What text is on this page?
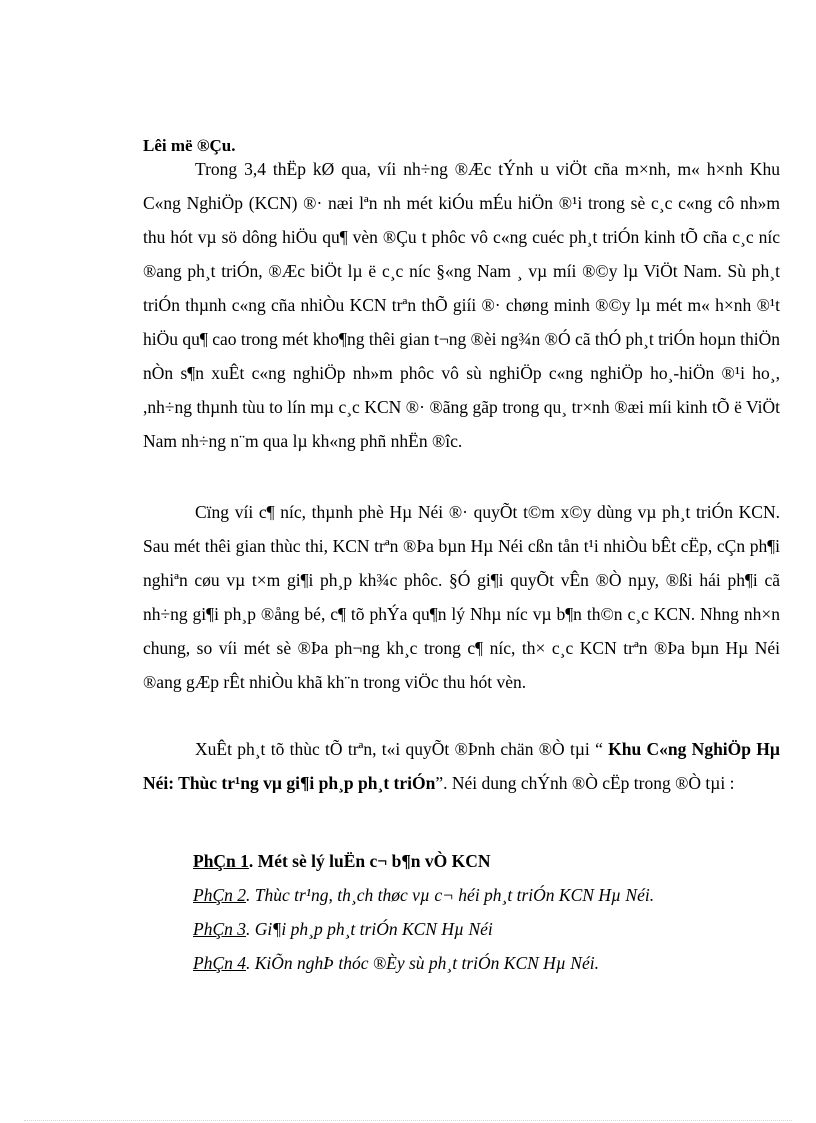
Lêi më ®Çu.

Trong 3,4 thËp kØ qua, víi nh÷ng ®Æc tÝnh u viÖt cña m×nh, m« h×nh Khu C«ng NghiÖp (KCN) ®· næi lªn nh mét kiÓu mÉu hiÖn ®¹i trong sè c¸c c«ng cô nh»m thu hót vµ sö dông hiÖu qu¶ vèn ®Çu t phôc vô c«ng cuéc ph¸t triÓn kinh tÕ cña c¸c níc ®ang ph¸t triÓn, ®Æc biÖt lµ ë c¸c níc §«ng Nam ¸ vµ míi ®©y lµ ViÖt Nam. Sù ph¸t triÓn thµnh c«ng cña nhiÒu KCN trªn thÕ giíi ®· chøng minh ®©y lµ mét m« h×nh ®¹t hiÖu qu¶ cao trong mét kho¶ng thêi gian t¬ng ®èi ng¾n ®Ó cã thÓ ph¸t triÓn hoµn thiÖn nÒn s¶n xuÊt c«ng nghiÖp nh»m phôc vô sù nghiÖp c«ng nghiÖp ho¸-hiÖn ®¹i ho¸, ,nh÷ng thµnh tùu to lín mµ c¸c KCN ®· ®ãng gãp trong qu¸ tr×nh ®æi míi kinh tÕ ë ViÖt Nam nh÷ng n¨m qua lµ kh«ng phñ nhËn ®îc.

Cïng víi c¶ níc, thµnh phè Hµ Néi ®· quyÕt t©m x©y dùng vµ ph¸t triÓn KCN. Sau mét thêi gian thùc thi, KCN trªn ®Þa bµn Hµ Néi cßn tån t¹i nhiÒu bÊt cËp, cÇn ph¶i nghiªn cøu vµ t×m gi¶i ph¸p kh¾c phôc. §Ó gi¶i quyÕt vÊn ®Ò nµy, ®ßi hái ph¶i cã nh÷ng gi¶i ph¸p ®ång bé, c¶ tõ phÝa qu¶n lý Nhµ níc vµ b¶n th©n c¸c KCN. Nhng nh×n chung, so víi mét sè ®Þa ph¬ng kh¸c trong c¶ níc, th× c¸c KCN trªn ®Þa bµn Hµ Néi ®ang gÆp rÊt nhiÒu khã kh¨n trong viÖc thu hót vèn.

XuÊt ph¸t tõ thùc tÕ trªn, t«i quyÕt ®Þnh chän ®Ò tµi “ Khu C«ng NghiÖp Hµ Néi: Thùc tr¹ng vµ gi¶i ph¸p ph¸t triÓn”. Néi dung chÝnh ®Ò cËp trong ®Ò tµi :

PhÇn 1. Mét sè lý luËn c¬ b¶n vÒ KCN

PhÇn 2. Thùc tr¹ng, th¸ch thøc vµ c¬ héi ph¸t triÓn KCN Hµ Néi.

PhÇn 3. Gi¶i ph¸p ph¸t triÓn KCN Hµ Néi

PhÇn 4. KiÕn nghÞ thóc ®Èy sù ph¸t triÓn KCN Hµ Néi.
